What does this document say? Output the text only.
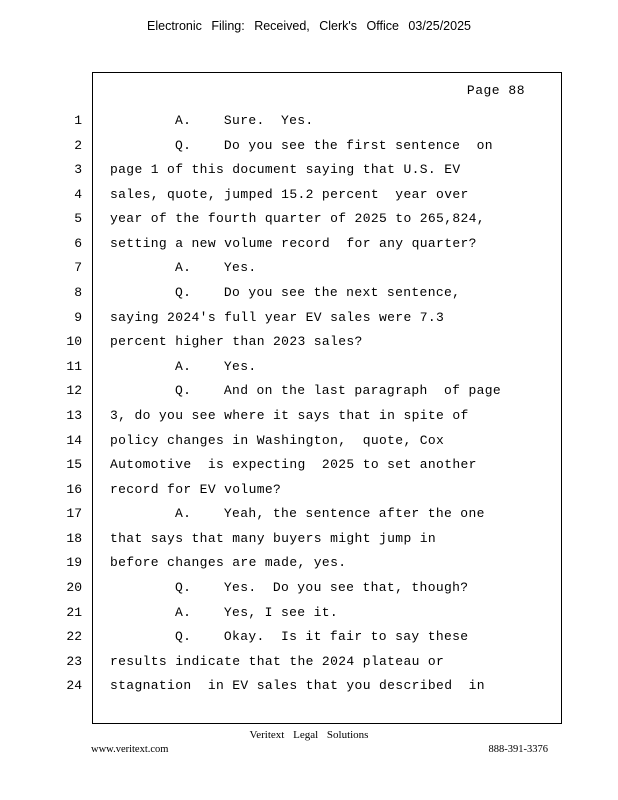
Electronic Filing: Received, Clerk's Office 03/25/2025
Page 88
1	A.    Sure.  Yes.
2	Q.    Do you see the first sentence  on
3 page 1 of this document saying that U.S. EV
4 sales, quote, jumped 15.2 percent  year over
5 year of the fourth quarter of 2025 to 265,824,
6 setting a new volume record  for any quarter?
7	A.    Yes.
8	Q.    Do you see the next sentence,
9 saying 2024's full year EV sales were 7.3
10 percent higher than 2023 sales?
11	A.    Yes.
12	Q.    And on the last paragraph  of page
13 3, do you see where it says that in spite of
14 policy changes in Washington,  quote, Cox
15 Automotive  is expecting  2025 to set another
16 record for EV volume?
17	A.    Yeah, the sentence after the one
18 that says that many buyers might jump in
19 before changes are made, yes.
20	Q.    Yes.  Do you see that, though?
21	A.    Yes, I see it.
22	Q.    Okay.  Is it fair to say these
23 results indicate that the 2024 plateau or
24 stagnation  in EV sales that you described  in
Veritext Legal Solutions
www.veritext.com	888-391-3376
